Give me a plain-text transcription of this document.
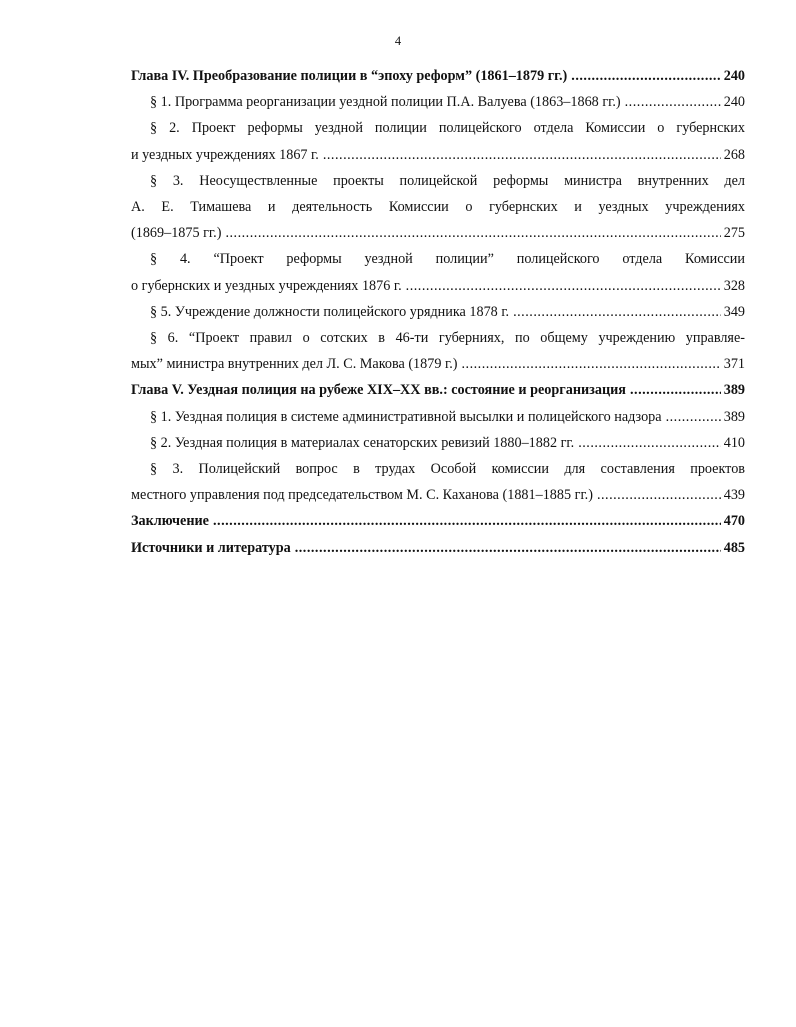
4
Глава IV. Преобразование полиции в “эпоху реформ” (1861–1879 гг.) .....	240
§ 1. Программа реорганизации уездной полиции П.А. Валуева (1863–1868 гг.) .....	240
§ 2. Проект реформы уездной полиции полицейского отдела Комиссии о губернских
и уездных учреждениях 1867 г. .....	268
§ 3. Неосуществленные проекты полицейской реформы министра внутренних дел
А. Е. Тимашева и деятельность Комиссии о губернских и уездных учреждениях
(1869–1875 гг.) .....	275
§ 4. “Проект реформы уездной полиции” полицейского отдела Комиссии
о губернских и уездных учреждениях 1876 г. .....	328
§ 5. Учреждение должности полицейского урядника 1878 г. .....	349
§ 6. “Проект правил о сотских в 46-ти губерниях, по общему учреждению управляе-
мых” министра внутренних дел Л. С. Макова (1879 г.) .....	371
Глава V. Уездная полиция на рубеже XIX–XX вв.: состояние и реорганизация .....	389
§ 1. Уездная полиция в системе административной высылки и полицейского надзора .....	389
§ 2. Уездная полиция в материалах сенаторских ревизий 1880–1882 гг. .....	410
§ 3. Полицейский вопрос в трудах Особой комиссии для составления проектов
местного управления под председательством М. С. Каханова (1881–1885 гг.) .....	439
Заключение .....	470
Источники и литература .....	485
